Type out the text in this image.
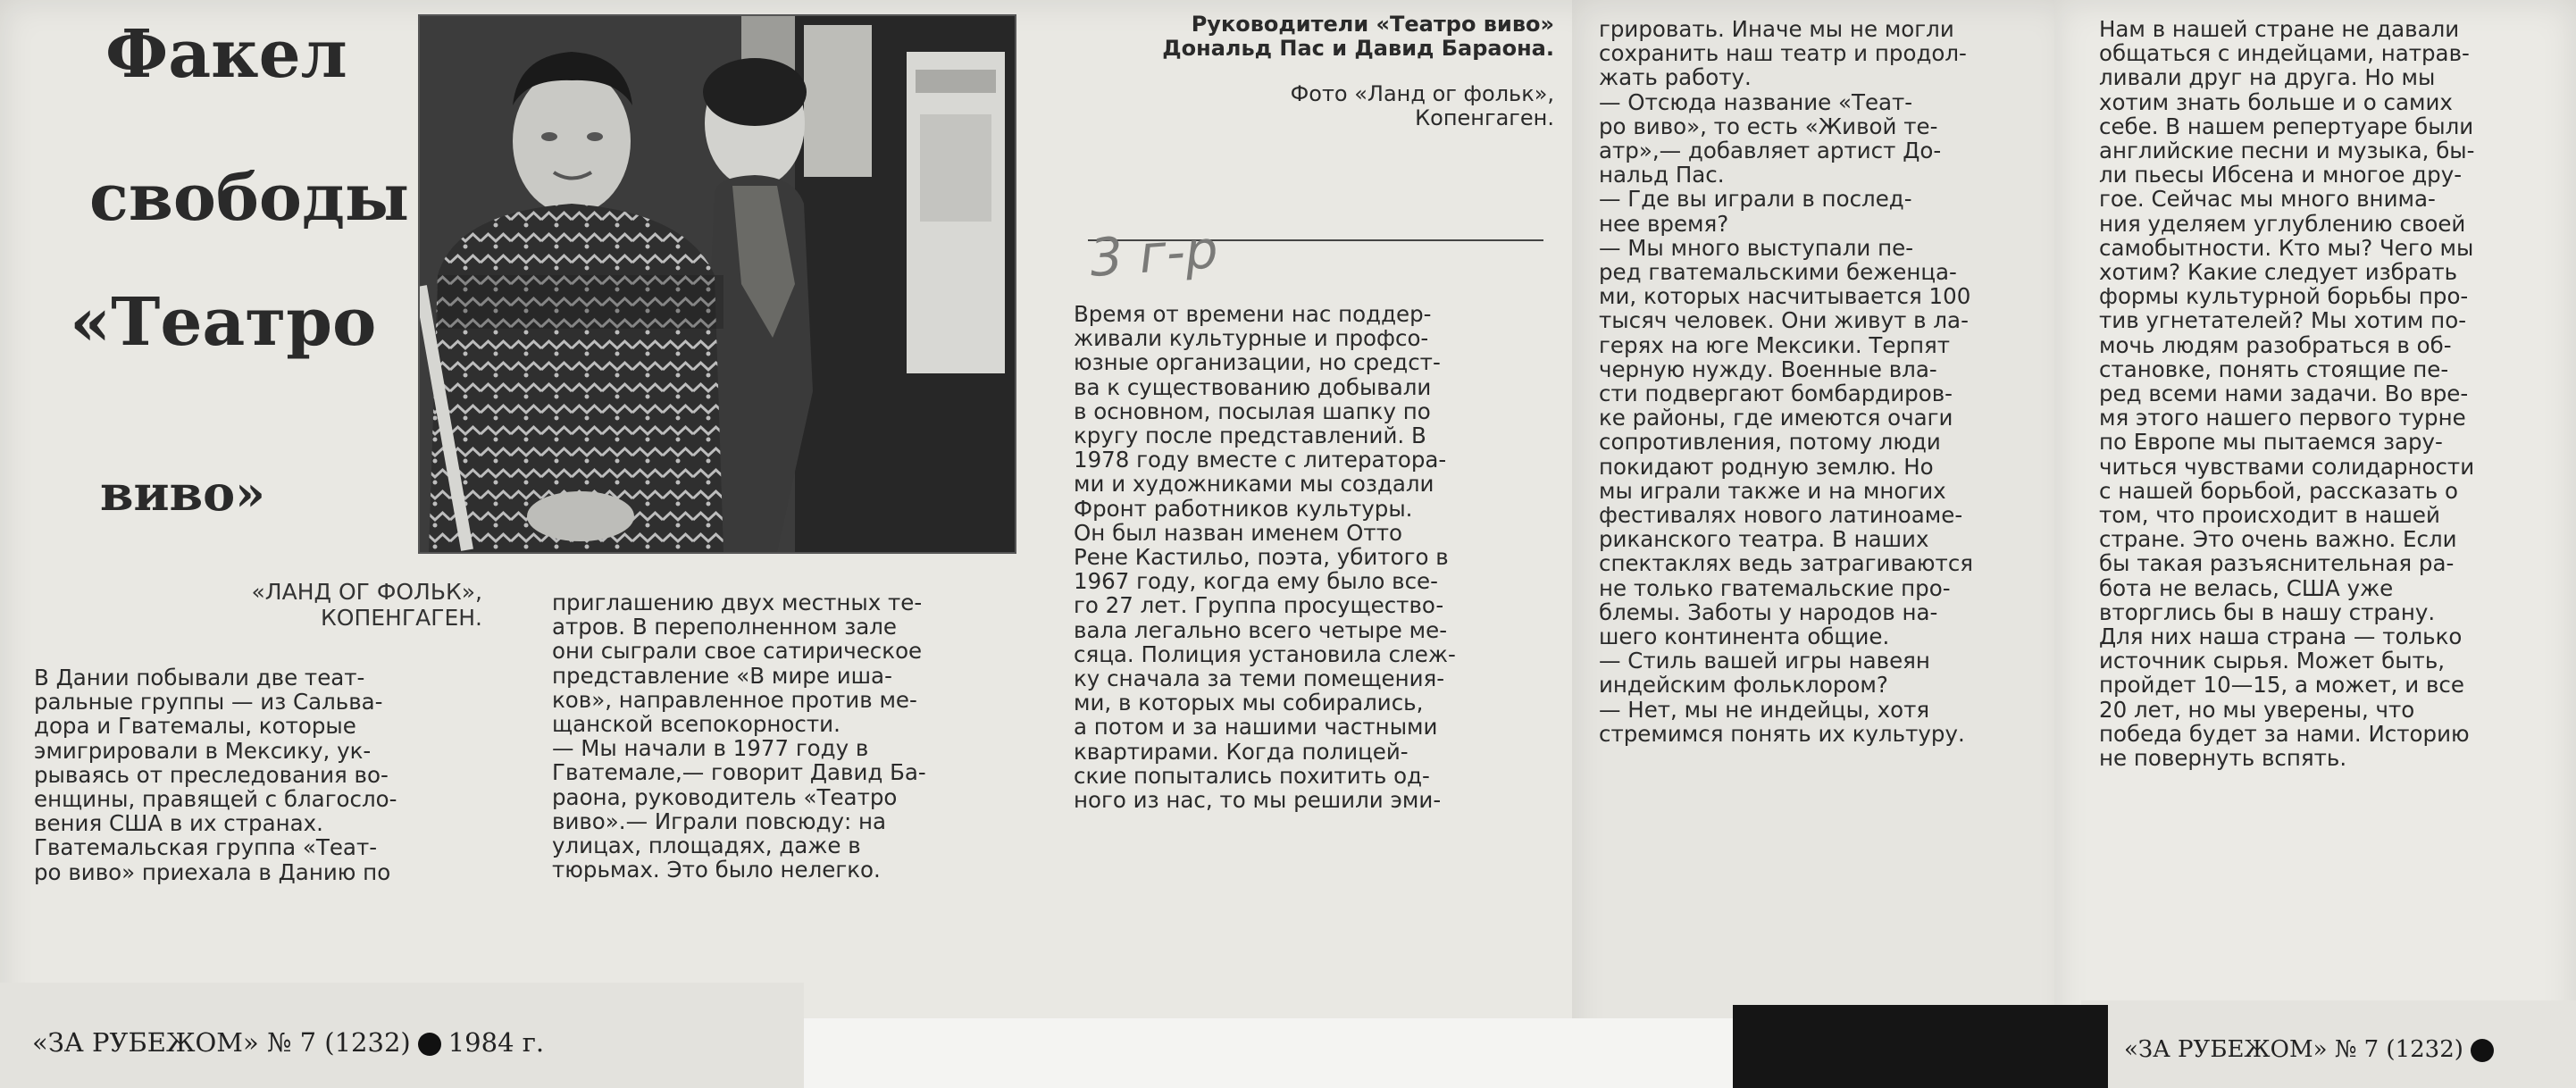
Факел
свободы
«Театро
виво»
«ЛАНД ОГ ФОЛЬК»,
КОПЕНГАГЕН.
Руководители «Театро виво»
Дональд Пас и Давид Барaона.
Фото «Ланд ог фольк»,
Копенгаген.
3 г-р
В Дании побывали две теат-
ральные группы — из Сальва-
дора и Гватемалы, которые
эмигрировали в Мексику, ук-
рываясь от преследования во-
енщины, правящей с благосло-
вения США в их странах.
Гватемальская группа «Теат-
ро виво» приехала в Данию по
приглашению двух местных те-
атров. В переполненном зале
они сыграли свое сатирическое
представление «В мире иша-
ков», направленное против ме-
щанской всепокорности.
— Мы начали в 1977 году в
Гватемале,— говорит Давид Ба-
раона, руководитель «Театро
виво».— Играли повсюду: на
улицах, площадях, даже в
тюрьмах. Это было нелегко.
Время от времени нас поддер-
живали культурные и профсо-
юзные организации, но средст-
ва к существованию добывали
в основном, посылая шапку по
кругу после представлений. В
1978 году вместе с литератора-
ми и художниками мы создали
Фронт работников культуры.
Он был назван именем Отто
Рене Кастильо, поэта, убитого в
1967 году, когда ему было все-
го 27 лет. Группа просуществo-
вала легально всего четыре ме-
сяца. Полиция установила слеж-
ку сначала за теми помещения-
ми, в которых мы собирались,
а потом и за нашими частными
квартирами. Когда полицей-
ские попытались похитить од-
ного из нас, то мы решили эми-
грировать. Иначе мы не могли
сохранить наш театр и продол-
жать работу.
— Отсюда название «Теат-
ро виво», то есть «Живой те-
атр»,— добавляет артист До-
нальд Пас.
— Где вы играли в послед-
нее время?
— Мы много выступали пе-
ред гватемальскими беженца-
ми, которых насчитывается 100
тысяч человек. Они живут в ла-
герях на юге Мексики. Терпят
черную нужду. Военные вла-
сти подвергают бомбардиров-
ке районы, где имеются очаги
сопротивления, потому люди
покидают родную землю. Но
мы играли также и на многих
фестивалях нового латиноаме-
риканского театра. В наших
спектаклях ведь затрагиваются
не только гватемальские про-
блемы. Заботы у народов на-
шего континента общие.
— Стиль вашей игры навеян
индейским фольклором?
— Нет, мы не индейцы, хотя
стремимся понять их культуру.
Нам в нашей стране не давали
общаться с индейцами, натрав-
ливали друг на друга. Но мы
хотим знать больше и о самих
себе. В нашем репертуаре были
английские песни и музыка, бы-
ли пьесы Ибсена и многое дру-
гое. Сейчас мы много внима-
ния уделяем углублению своей
самобытности. Кто мы? Чего мы
хотим? Какие следует избрать
формы культурной борьбы про-
тив угнетателей? Мы хотим по-
мочь людям разобраться в об-
становке, понять стоящие пе-
ред всеми нами задачи. Во вре-
мя этого нашего первого турне
по Европе мы пытаемся зару-
читься чувствами солидарности
с нашей борьбой, рассказать о
том, что происходит в нашей
стране. Это очень важно. Если
бы такая разъяснительная ра-
бота не велась, США уже
вторглись бы в нашу страну.
Для них наша страна — только
источник сырья. Может быть,
пройдет 10—15, а может, и все
20 лет, но мы уверены, что
победа будет за нами. Историю
не повернуть вспять.
«ЗА РУБЕЖОМ» № 7 (1232) 1984 г.	«ЗА РУБЕЖОМ» № 7 (1232)
